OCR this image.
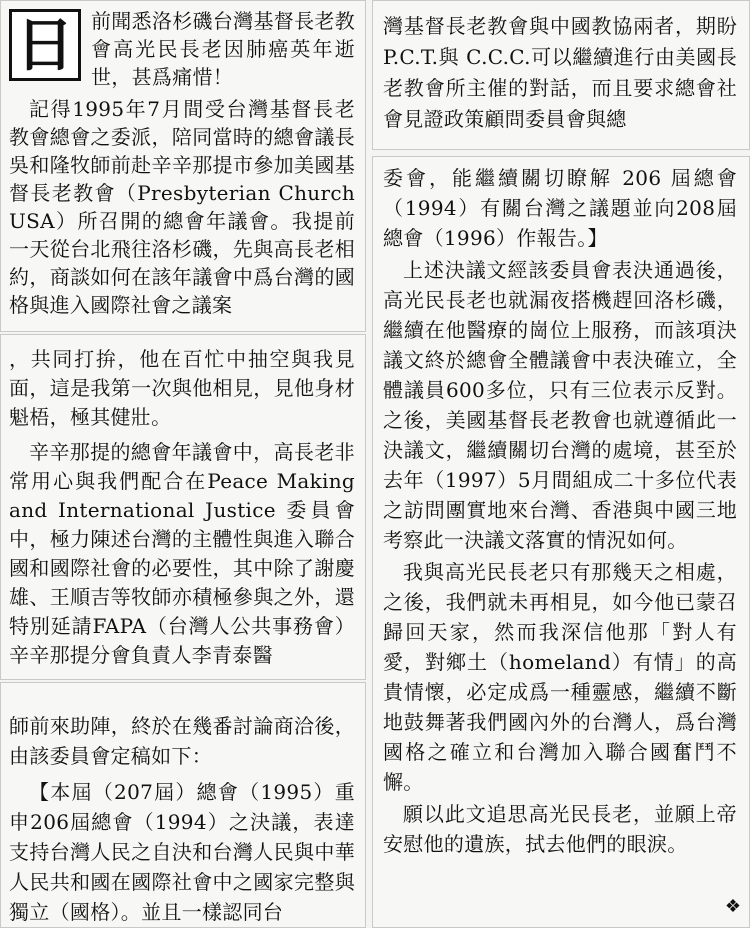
日 前聞悉洛杉磯台灣基督長老教會高光民長老因肺癌英年逝世，甚爲痛惜！

記得1995年7月間受台灣基督長老教會總會之委派，陪同當時的總會議長吳和隆牧師前赴辛辛那提市參加美國基督長老教會（Presbyterian Church USA）所召開的總會年議會。我提前一天從台北飛往洛杉磯，先與高長老相約，商談如何在該年議會中爲台灣的國格與進入國際社會之議案

，共同打拚，他在百忙中抽空與我見面，這是我第一次與他相見，見他身材魁梧，極其健壯。

辛辛那提的總會年議會中，高長老非常用心與我們配合在Peace Making and International Justice 委員會中，極力陳述台灣的主體性與進入聯合國和國際社會的必要性，其中除了謝慶雄、王順吉等牧師亦積極參與之外，還特別延請FAPA（台灣人公共事務會）辛辛那提分會負責人李青泰醫

師前來助陣，終於在幾番討論商洽後，由該委員會定稿如下：

【本屆（207屆）總會（1995）重申206屆總會（1994）之決議，表達支持台灣人民之自決和台灣人民與中華人民共和國在國際社會中之國家完整與獨立（國格）。並且一樣認同台

灣基督長老教會與中國教協兩者，期盼 P.C.T.與 C.C.C.可以繼續進行由美國長老教會所主催的對話，而且要求總會社會見證政策顧問委員會與總

委會，能繼續關切瞭解 206 屆總會（1994）有關台灣之議題並向208屆總會（1996）作報告。】

上述決議文經該委員會表決通過後，高光民長老也就漏夜搭機趕回洛杉磯，繼續在他醫療的崗位上服務，而該項決議文終於總會全體議會中表決確立，全體議員600多位，只有三位表示反對。之後，美國基督長老教會也就遵循此一決議文，繼續關切台灣的處境，甚至於去年（1997）5月間組成二十多位代表之訪問團實地來台灣、香港與中國三地考察此一決議文落實的情況如何。

我與高光民長老只有那幾天之相處，之後，我們就未再相見，如今他已蒙召歸回天家，然而我深信他那「對人有愛，對鄉土（homeland）有情」的高貴情懷，必定成爲一種靈感，繼續不斷地鼓舞著我們國內外的台灣人，爲台灣國格之確立和台灣加入聯合國奮鬥不懈。

願以此文追思高光民長老，並願上帝安慰他的遺族，拭去他們的眼淚。

❖
